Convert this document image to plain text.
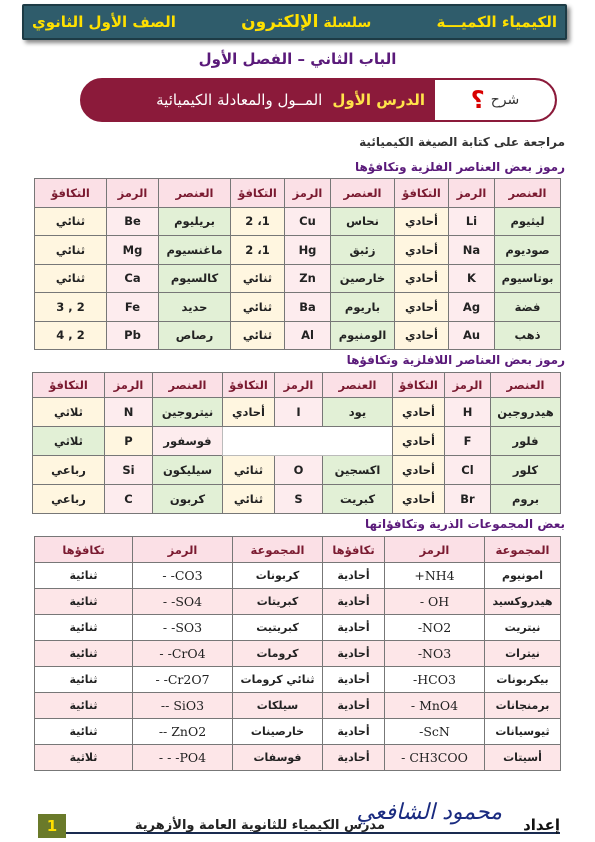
الكيمياء الكميـــة
سلسلة الإلكترون
الصف الأول الثانوي
الباب الثاني – الفصل الأول
شرح
؟
الدرس الأول
المــول والمعادلة الكيميائية
مراجعة على كتابة الصيغة الكيميائية
رموز بعض العناصر الفلزية وتكافؤها
العنصر	الرمز	التكافؤ	العنصر	الرمز	التكافؤ	العنصر	الرمز	التكافؤ
ليثيوم	Li	أحادي	نحاس	Cu	1، 2	بريليوم	Be	ثنائي
صوديوم	Na	أحادي	زئبق	Hg	1، 2	ماغنسيوم	Mg	ثنائي
بوتاسيوم	K	أحادي	خارصين	Zn	ثنائي	كالسيوم	Ca	ثنائي
فضة	Ag	أحادي	باريوم	Ba	ثنائي	حديد	Fe	2 , 3
ذهب	Au	أحادي	الومنيوم	Al	ثنائي	رصاص	Pb	2 , 4
رموز بعض العناصر اللافلزية وتكافؤها
العنصر	الرمز	التكافؤ	العنصر	الرمز	التكافؤ	العنصر	الرمز	التكافؤ
هيدروجين	H	أحادي	يود	I	أحادي	نيتروجين	N	ثلاثي
فلور	F	أحادي				فوسفور	P	ثلاثي
كلور	Cl	أحادي	اكسجين	O	ثنائي	سيليكون	Si	رباعي
بروم	Br	أحادي	كبريت	S	ثنائي	كربون	C	رباعي
بعض المجموعات الذرية وتكافؤاتها
المجموعة	الرمز	تكافؤها	المجموعة	الرمز	تكافؤها
امونيوم	NH4+	أحادية	كربونات	CO3- -	ثنائية
هيدروكسيد	OH -	أحادية	كبريتات	SO4- -	ثنائية
نيتريت	NO2-	أحادية	كبريتيت	SO3- -	ثنائية
نيترات	NO3-	أحادية	كرومات	CrO4- -	ثنائية
بيكربونات	HCO3-	أحادية	ثنائي كرومات	Cr2O7- -	ثنائية
برمنجانات	MnO4 -	أحادية	سيلكات	SiO3 --	ثنائية
ثيوسيانات	ScN-	أحادية	خارصينات	ZnO2 --	ثنائية
أسيتات	CH3COO -	أحادية	فوسفات	PO4- - -	ثلاثية
إعداد
محمود الشافعي
مدرس الكيمياء للثانوية العامة والأزهرية
1
